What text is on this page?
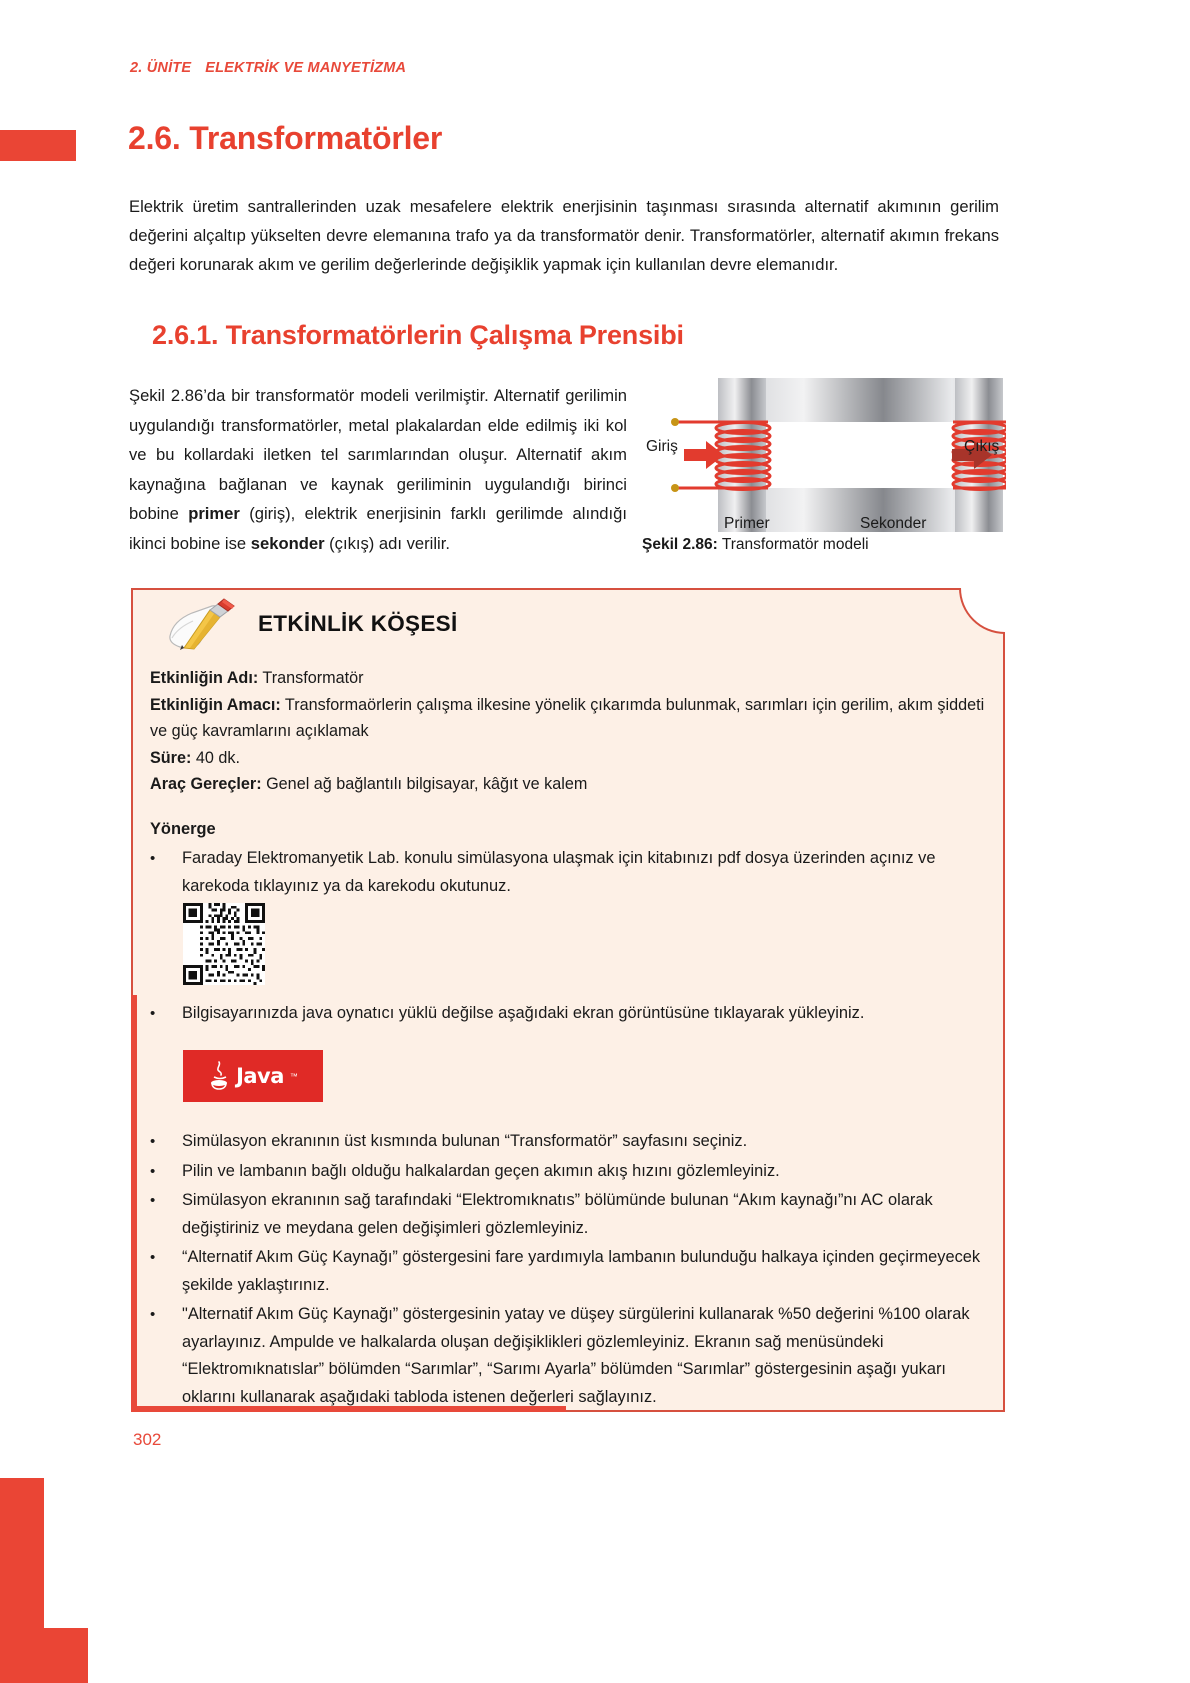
2. ÜNİTE ELEKTRİK VE MANYETİZMA
2.6. Transformatörler
Elektrik üretim santrallerinden uzak mesafelere elektrik enerjisinin taşınması sırasında alternatif akımının gerilim değerini alçaltıp yükselten devre elemanına trafo ya da transformatör denir. Transformatörler, alternatif akımın frekans değeri korunarak akım ve gerilim değerlerinde değişiklik yapmak için kullanılan devre elemanıdır.
2.6.1. Transformatörlerin Çalışma Prensibi
Şekil 2.86’da bir transformatör modeli verilmiştir. Alternatif gerilimin uygulandığı transformatörler, metal plakalardan elde edilmiş iki kol ve bu kollardaki iletken tel sarımlarından oluşur. Alternatif akım kaynağına bağlanan ve kaynak geriliminin uygulandığı birinci bobine primer (giriş), elektrik enerjisinin farklı gerilimde alındığı ikinci bobine ise sekonder (çıkış) adı verilir.
Giriş	Çıkış
Primer	Sekonder
Şekil 2.86: Transformatör modeli
ETKİNLİK KÖŞESİ
Etkinliğin Adı: Transformatör
Etkinliğin Amacı: Transformaörlerin çalışma ilkesine yönelik çıkarımda bulunmak, sarımları için gerilim, akım şiddeti ve güç kavramlarını açıklamak
Süre: 40 dk.
Araç Gereçler: Genel ağ bağlantılı bilgisayar, kâğıt ve kalem
Yönerge
•	Faraday Elektromanyetik Lab. konulu simülasyona ulaşmak için kitabınızı pdf dosya üzerinden açınız ve karekoda tıklayınız ya da karekodu okutunuz.
•	Bilgisayarınızda java oynatıcı yüklü değilse aşağıdaki ekran görüntüsüne tıklayarak yükleyiniz.
Java ™
•	Simülasyon ekranının üst kısmında bulunan “Transformatör” sayfasını seçiniz.
•	Pilin ve lambanın bağlı olduğu halkalardan geçen akımın akış hızını gözlemleyiniz.
•	Simülasyon ekranının sağ tarafındaki “Elektromıknatıs” bölümünde bulunan “Akım kaynağı”nı AC olarak değiştiriniz ve meydana gelen değişimleri gözlemleyiniz.
•	“Alternatif Akım Güç Kaynağı” göstergesini fare yardımıyla lambanın bulunduğu halkaya içinden geçirmeyecek şekilde yaklaştırınız.
•	"Alternatif Akım Güç Kaynağı” göstergesinin yatay ve düşey sürgülerini kullanarak %50 değerini %100 olarak ayarlayınız. Ampulde ve halkalarda oluşan değişiklikleri gözlemleyiniz. Ekranın sağ menüsündeki “Elektromıknatıslar” bölümden “Sarımlar”, “Sarımı Ayarla” bölümden “Sarımlar” göstergesinin aşağı yukarı oklarını kullanarak aşağıdaki tabloda istenen değerleri sağlayınız.
302
